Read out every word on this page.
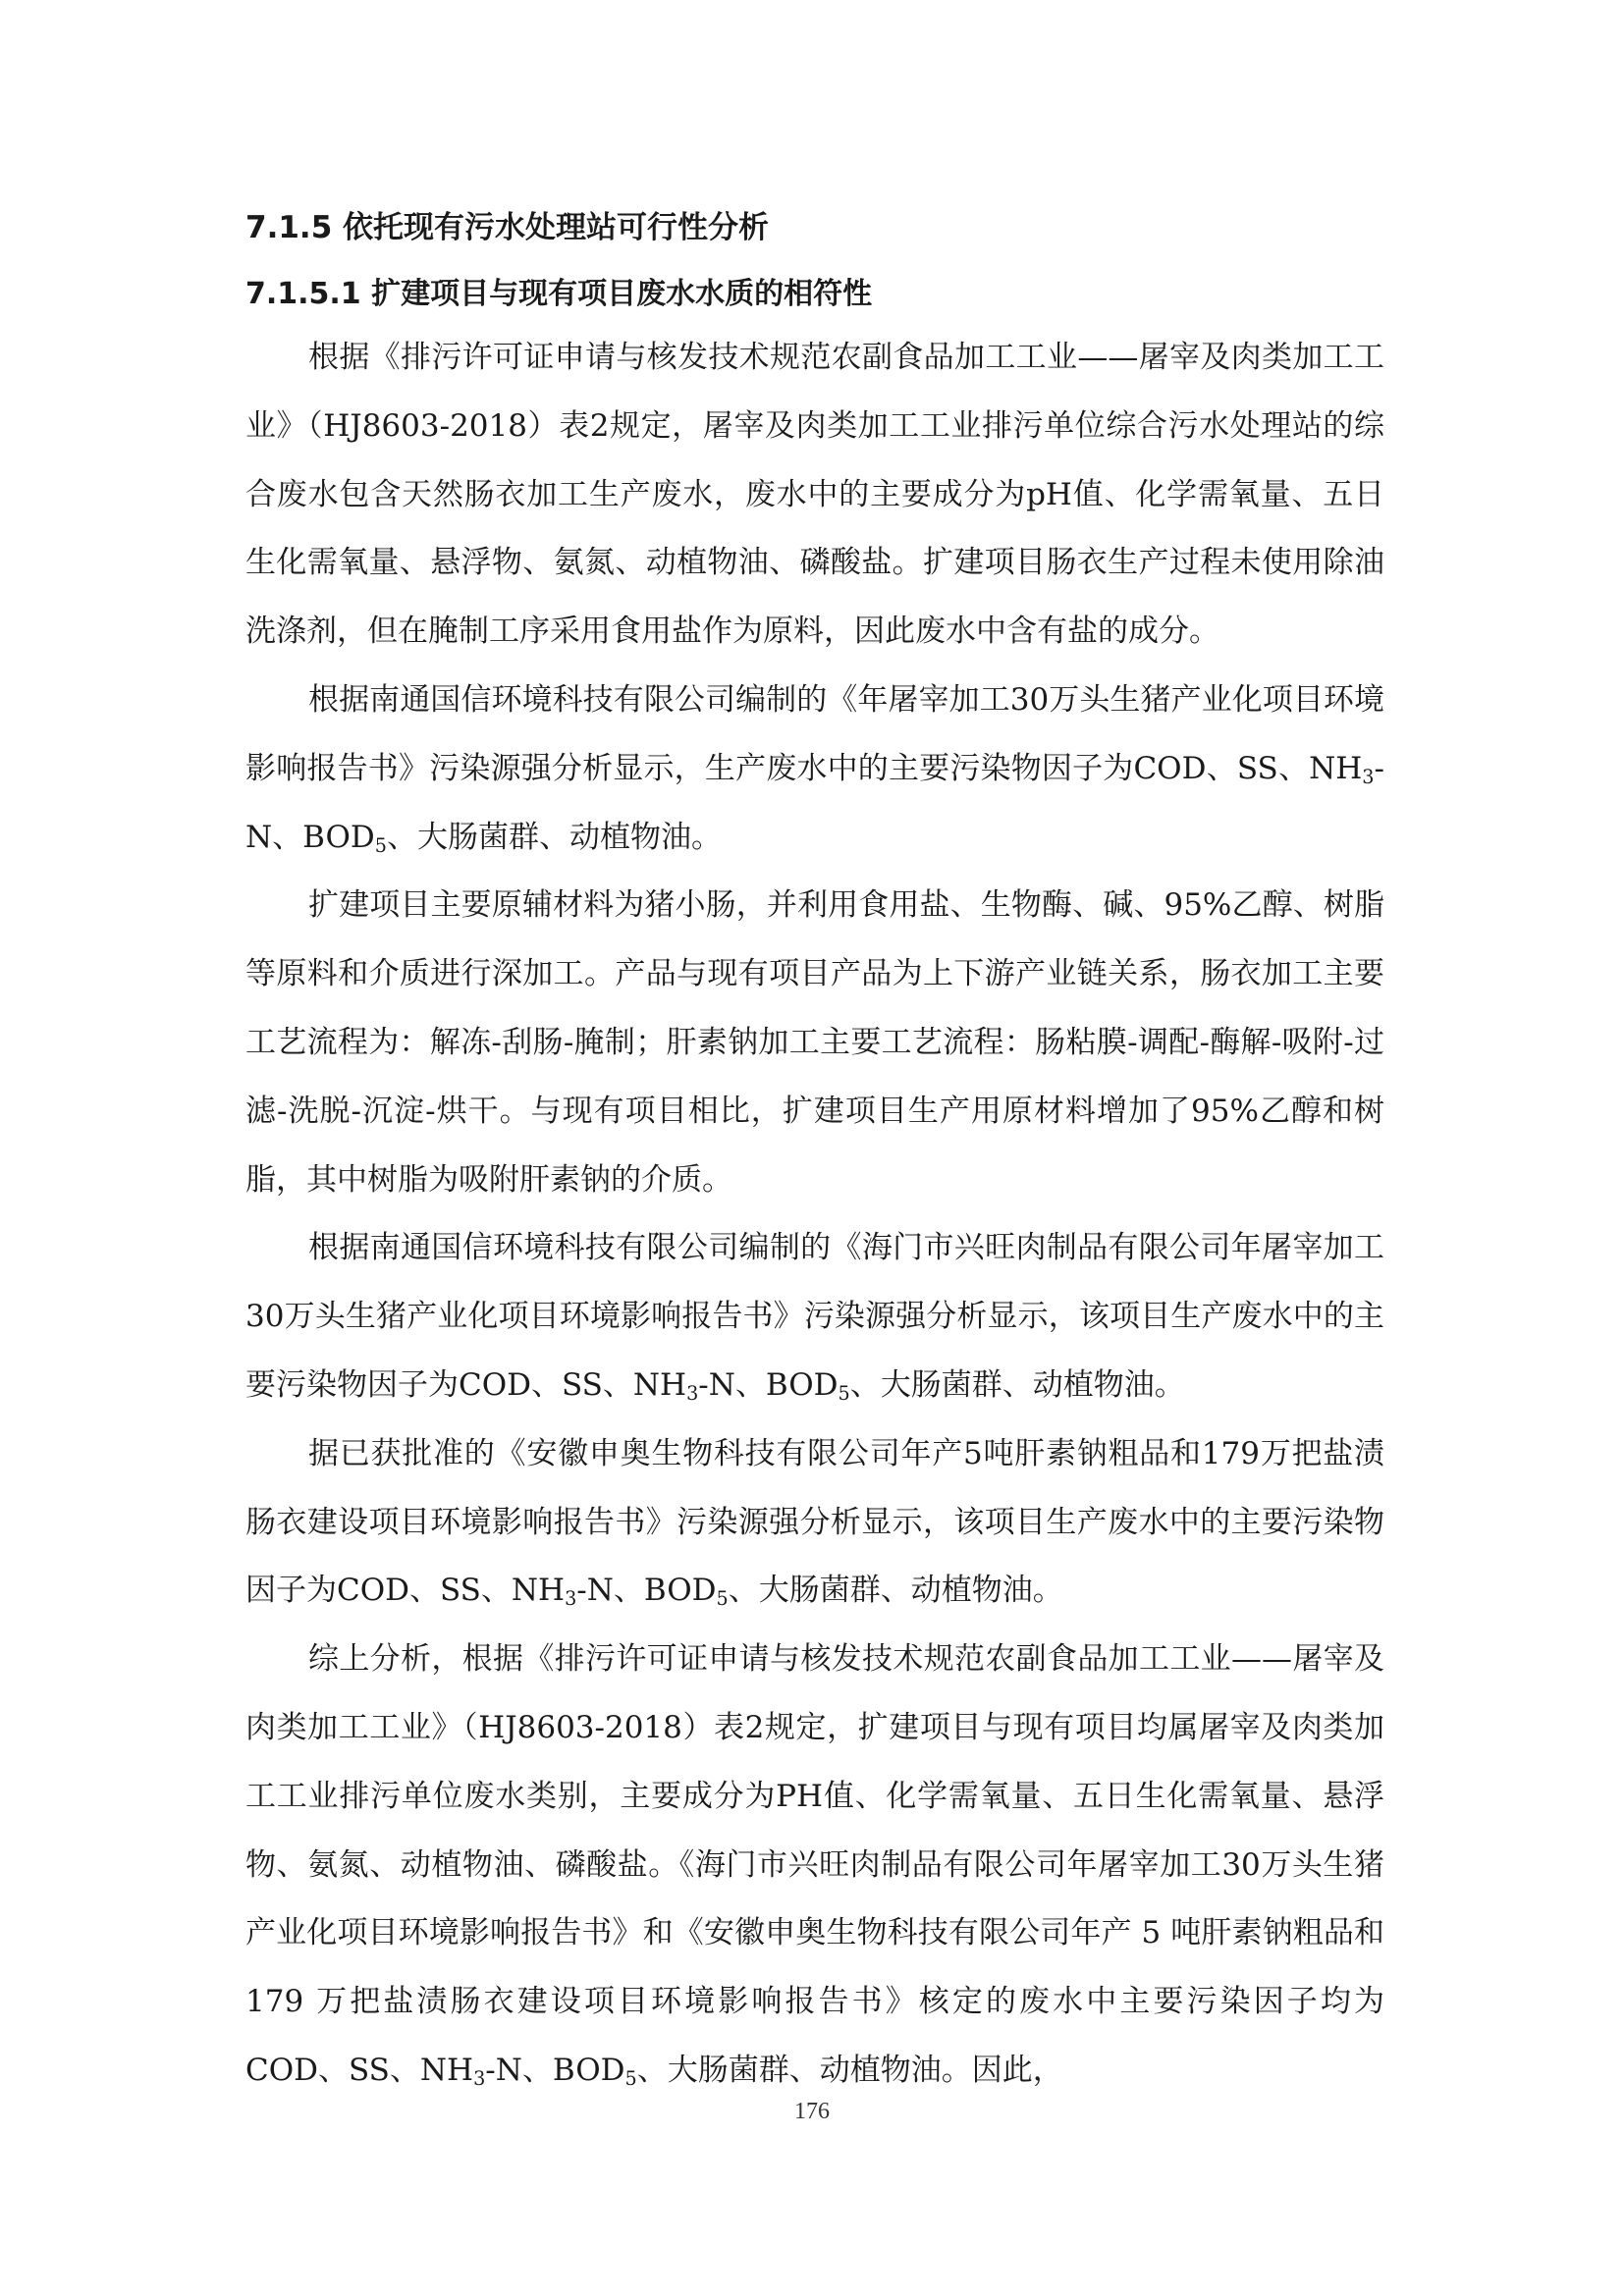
7.1.5 依托现有污水处理站可行性分析
7.1.5.1 扩建项目与现有项目废水水质的相符性

根据《排污许可证申请与核发技术规范农副食品加工工业——屠宰及肉类加工工业》（HJ8603-2018）表2规定，屠宰及肉类加工工业排污单位综合污水处理站的综合废水包含天然肠衣加工生产废水，废水中的主要成分为pH值、化学需氧量、五日生化需氧量、悬浮物、氨氮、动植物油、磷酸盐。扩建项目肠衣生产过程未使用除油洗涤剂，但在腌制工序采用食用盐作为原料，因此废水中含有盐的成分。

根据南通国信环境科技有限公司编制的《年屠宰加工30万头生猪产业化项目环境影响报告书》污染源强分析显示，生产废水中的主要污染物因子为COD、SS、$NH_3-N$、$BOD_5$、大肠菌群、动植物油。

扩建项目主要原辅材料为猪小肠，并利用食用盐、生物酶、碱、95%乙醇、树脂等原料和介质进行深加工。产品与现有项目产品为上下游产业链关系，肠衣加工主要工艺流程为：解冻-刮肠-腌制；肝素钠加工主要工艺流程：肠粘膜-调配-酶解-吸附-过滤-洗脱-沉淀-烘干。与现有项目相比，扩建项目生产用原材料增加了95%乙醇和树脂，其中树脂为吸附肝素钠的介质。

根据南通国信环境科技有限公司编制的《海门市兴旺肉制品有限公司年屠宰加工30万头生猪产业化项目环境影响报告书》污染源强分析显示，该项目生产废水中的主要污染物因子为COD、SS、$NH_3-N$、$BOD_5$、大肠菌群、动植物油。

据已获批准的《安徽申奥生物科技有限公司年产5吨肝素钠粗品和179万把盐渍肠衣建设项目环境影响报告书》污染源强分析显示，该项目生产废水中的主要污染物因子为COD、SS、$NH_3-N$、$BOD_5$、大肠菌群、动植物油。

综上分析，根据《排污许可证申请与核发技术规范农副食品加工工业——屠宰及肉类加工工业》（HJ8603-2018）表2规定，扩建项目与现有项目均属屠宰及肉类加工工业排污单位废水类别，主要成分为PH值、化学需氧量、五日生化需氧量、悬浮物、氨氮、动植物油、磷酸盐。《海门市兴旺肉制品有限公司年屠宰加工30万头生猪产业化项目环境影响报告书》和《安徽申奥生物科技有限公司年产 5 吨肝素钠粗品和 179 万把盐渍肠衣建设项目环境影响报告书》核定的废水中主要污染因子均为COD、SS、$NH_3-N$、$BOD_5$、大肠菌群、动植物油。因此，

176
